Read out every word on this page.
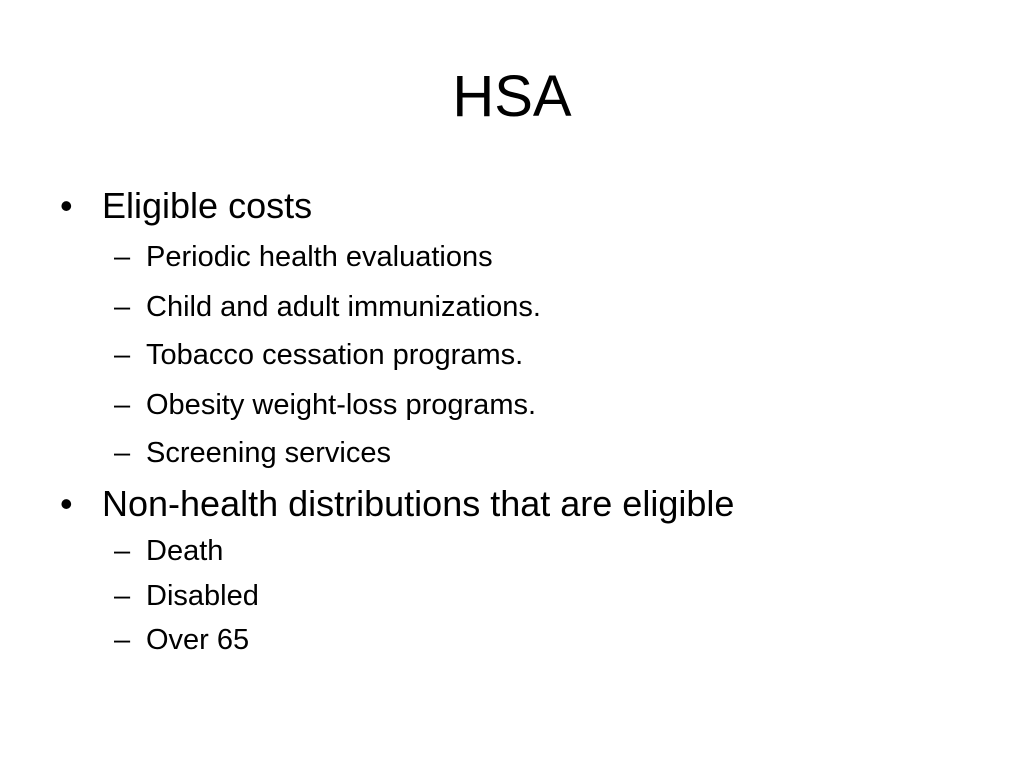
HSA
• Eligible costs
– Periodic health evaluations
– Child and adult immunizations.
– Tobacco cessation programs.
– Obesity weight-loss programs.
– Screening services
• Non-health distributions that are eligible
– Death
– Disabled
– Over 65
